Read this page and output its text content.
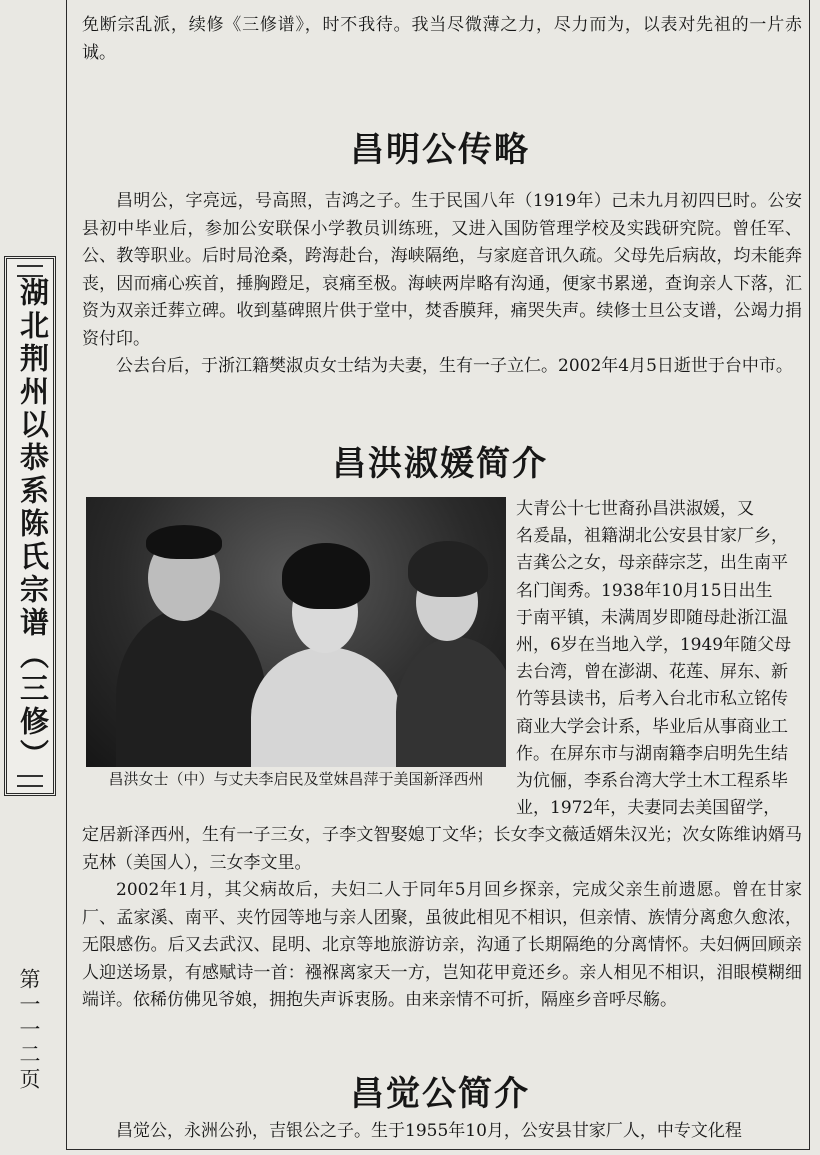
湖北荆州以恭系陈氏宗谱（三修）

第一一二页

免断宗乱派，续修《三修谱》，时不我待。我当尽微薄之力，尽力而为，以表对先祖的一片赤诚。

昌明公传略

昌明公，字亮远，号高照，吉鸿之子。生于民国八年（1919年）己未九月初四巳时。公安县初中毕业后，参加公安联保小学教员训练班，又进入国防管理学校及实践研究院。曾任军、公、教等职业。后时局沧桑，跨海赴台，海峡隔绝，与家庭音讯久疏。父母先后病故，均未能奔丧，因而痛心疾首，捶胸蹬足，哀痛至极。海峡两岸略有沟通，便家书累递，查询亲人下落，汇资为双亲迁葬立碑。收到墓碑照片供于堂中，焚香膜拜，痛哭失声。续修士旦公支谱，公竭力捐资付印。

公去台后，于浙江籍樊淑贞女士结为夫妻，生有一子立仁。2002年4月5日逝世于台中市。

昌洪淑媛简介

昌洪女士（中）与丈夫李启民及堂妹昌萍于美国新泽西州

大青公十七世裔孙昌洪淑媛，又
名爰晶，祖籍湖北公安县甘家厂乡，
吉龚公之女，母亲薛宗芝，出生南平
名门闺秀。1938年10月15日出生
于南平镇，未满周岁即随母赴浙江温
州，6岁在当地入学，1949年随父母
去台湾，曾在澎湖、花莲、屏东、新
竹等县读书，后考入台北市私立铭传
商业大学会计系，毕业后从事商业工
作。在屏东市与湖南籍李启明先生结
为伉俪，李系台湾大学土木工程系毕
业，1972年，夫妻同去美国留学，

定居新泽西州，生有一子三女，子李文智娶媳丁文华；长女李文薇适婿朱汉光；次女陈维讷婿马克林（美国人），三女李文里。

2002年1月，其父病故后，夫妇二人于同年5月回乡探亲，完成父亲生前遗愿。曾在甘家厂、孟家溪、南平、夹竹园等地与亲人团聚，虽彼此相见不相识，但亲情、族情分离愈久愈浓，无限感伤。后又去武汉、昆明、北京等地旅游访亲，沟通了长期隔绝的分离情怀。夫妇俩回顾亲人迎送场景，有感赋诗一首：襁褓离家天一方，岂知花甲竟还乡。亲人相见不相识，泪眼模糊细端详。依稀仿佛见爷娘，拥抱失声诉衷肠。由来亲情不可折，隔座乡音呼尽觞。

昌觉公简介

昌觉公，永洲公孙，吉银公之子。生于1955年10月，公安县甘家厂人，中专文化程
